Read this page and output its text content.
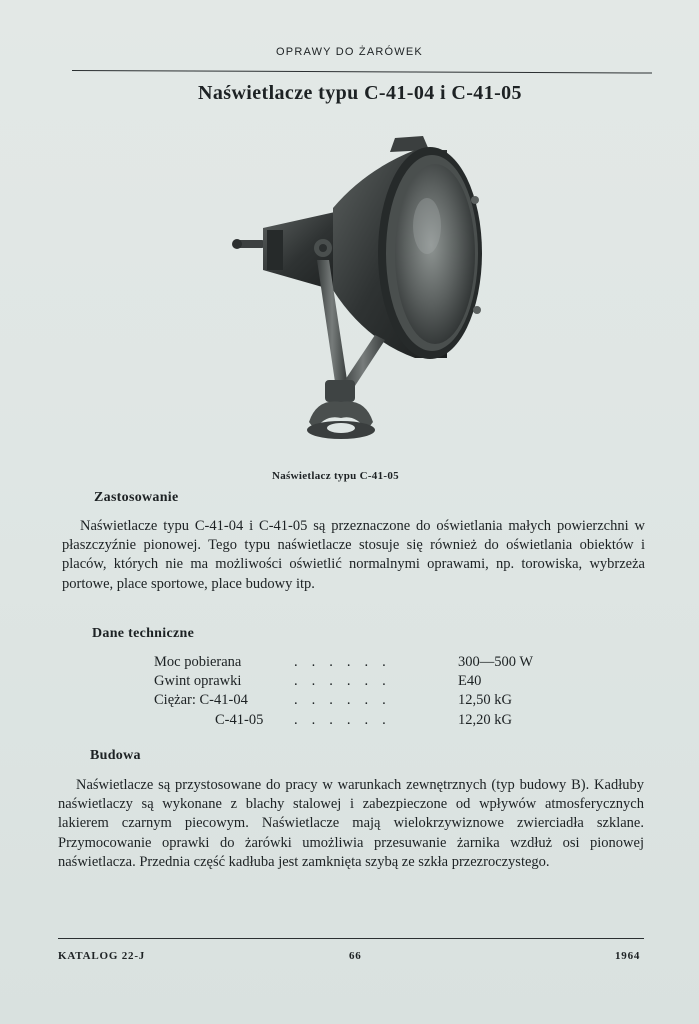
OPRAWY DO ŻARÓWEK
Naświetlacze typu C-41-04 i C-41-05
Naświetlacz typu C-41-05
Zastosowanie
Naświetlacze typu C-41-04 i C-41-05 są przeznaczone do oświetlania małych powierzchni w płaszczyźnie pionowej. Tego typu naświetlacze stosuje się również do oświetlania obiektów i placów, których nie ma możliwości oświetlić normalnymi oprawami, np. torowiska, wybrzeża portowe, place sportowe, place budowy itp.
Dane techniczne
Moc pobierana	......	300—500 W
Gwint oprawki	......	E40
Ciężar: C-41-04	......	12,50 kG
C-41-05 ......	12,20 kG
Budowa
Naświetlacze są przystosowane do pracy w warunkach zewnętrznych (typ budowy B). Kadłuby naświetlaczy są wykonane z blachy stalowej i zabezpieczone od wpływów atmosferycznych lakierem czarnym piecowym. Naświetlacze mają wielokrzywiznowe zwierciadła szklane. Przymocowanie oprawki do żarówki umożliwia przesuwanie żarnika wzdłuż osi pionowej naświetlacza. Przednia część kadłuba jest zamknięta szybą ze szkła przezroczystego.
KATALOG 22-J	66	1964
